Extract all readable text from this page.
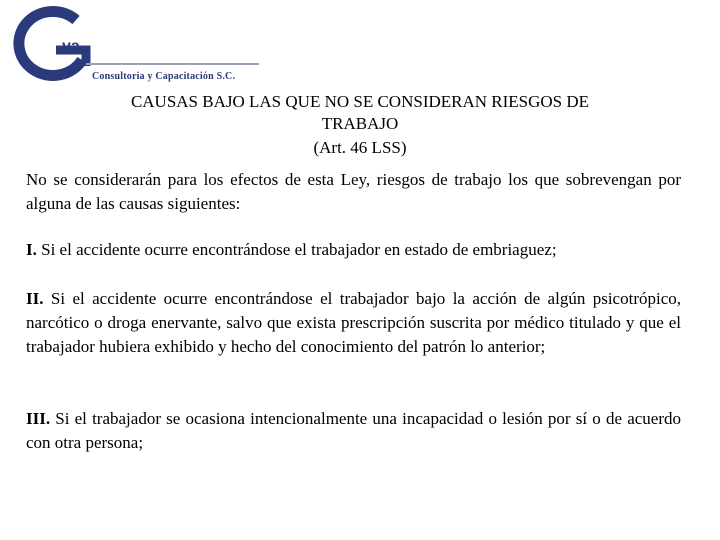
va
Consultoria y Capacitación S.C.
CAUSAS BAJO LAS QUE NO SE CONSIDERAN RIESGOS DE
TRABAJO
(Art. 46 LSS)
No se considerarán para los efectos de esta Ley, riesgos de trabajo los que sobrevengan por alguna de las causas siguientes:
I. Si el accidente ocurre encontrándose el trabajador en estado de embriaguez;
II. Si el accidente ocurre encontrándose el trabajador bajo la acción de algún psicotrópico, narcótico o droga enervante, salvo que exista prescripción suscrita por médico titulado y que el trabajador hubiera exhibido y hecho del conocimiento del patrón lo anterior;
III. Si el trabajador se ocasiona intencionalmente una incapacidad o lesión por sí o de acuerdo con otra persona;
